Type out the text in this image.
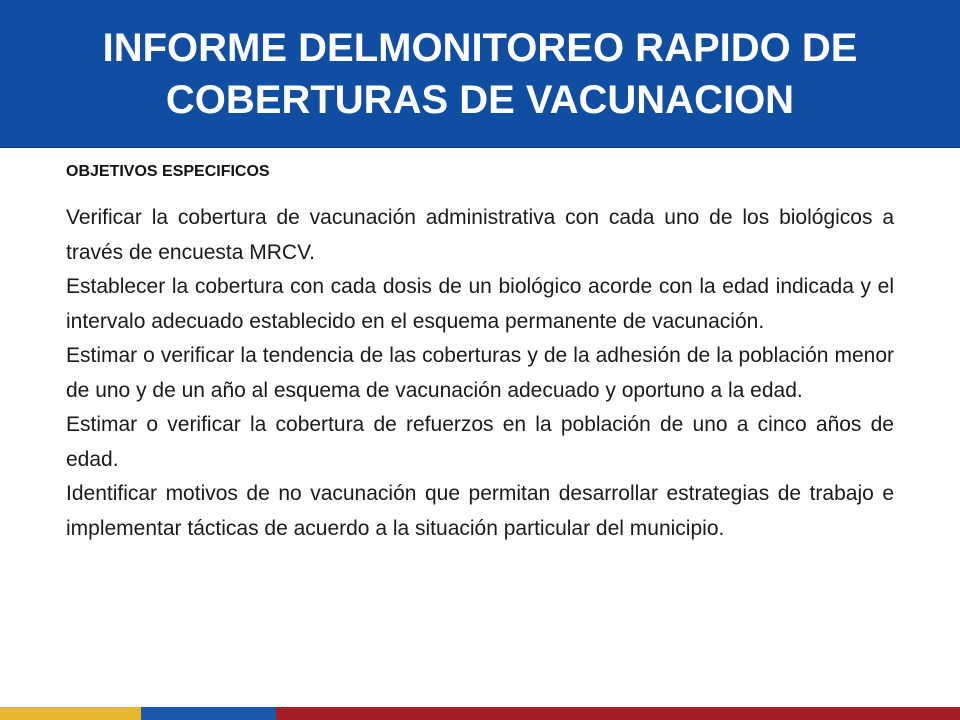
INFORME DELMONITOREO RAPIDO DE
COBERTURAS DE VACUNACION
OBJETIVOS ESPECIFICOS

Verificar la cobertura de vacunación administrativa con cada uno de los biológicos a través de encuesta MRCV.

Establecer la cobertura con cada dosis de un biológico acorde con la edad indicada y el intervalo adecuado establecido en el esquema permanente de vacunación.

Estimar o verificar la tendencia de las coberturas y de la adhesión de la población menor de uno y de un año al esquema de vacunación adecuado y oportuno a la edad.

Estimar o verificar la cobertura de refuerzos en la población de uno a cinco años de edad.

Identificar motivos de no vacunación que permitan desarrollar estrategias de trabajo e implementar tácticas de acuerdo a la situación particular del municipio.
